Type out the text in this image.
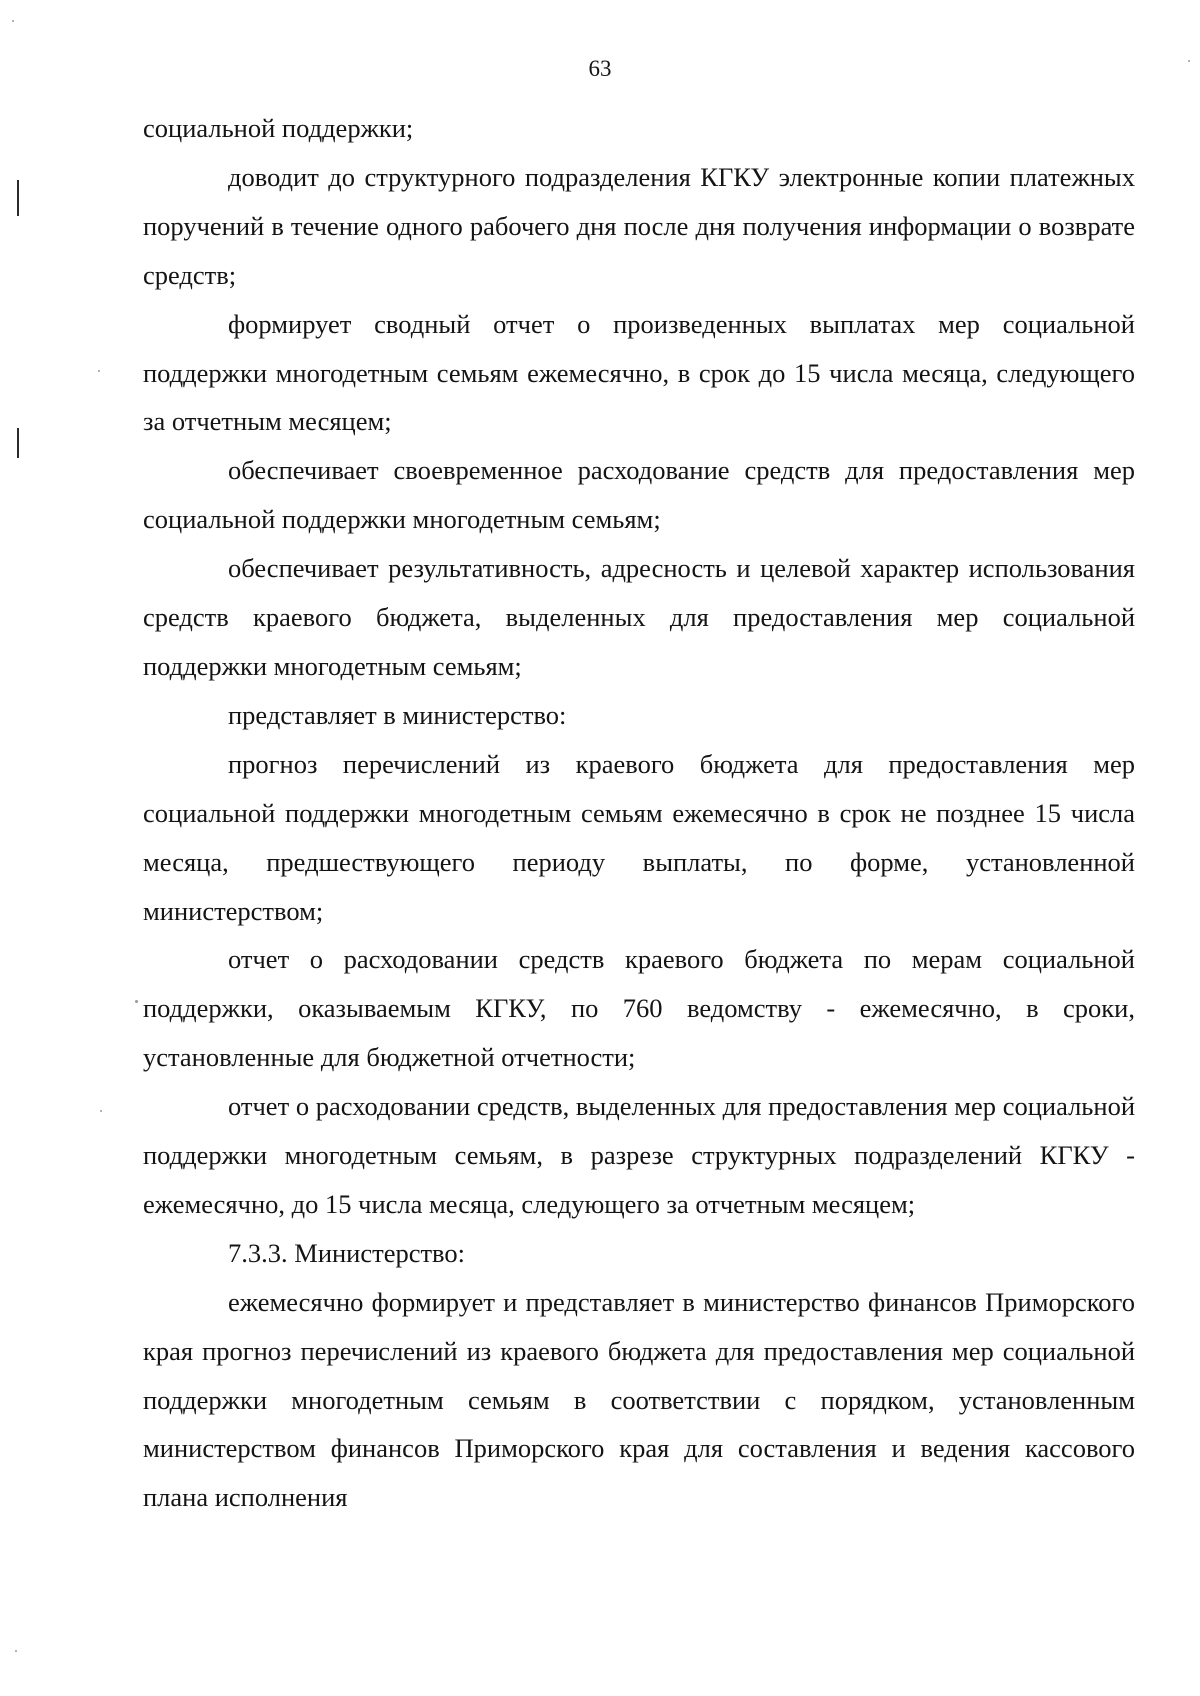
63

социальной поддержки;

доводит до структурного подразделения КГКУ электронные копии платежных поручений в течение одного рабочего дня после дня получения информации о возврате средств;

формирует сводный отчет о произведенных выплатах мер социальной поддержки многодетным семьям ежемесячно, в срок до 15 числа месяца, следующего за отчетным месяцем;

обеспечивает своевременное расходование средств для предоставления мер социальной поддержки многодетным семьям;

обеспечивает результативность, адресность и целевой характер использования средств краевого бюджета, выделенных для предоставления мер социальной поддержки многодетным семьям;

представляет в министерство:

прогноз перечислений из краевого бюджета для предоставления мер социальной поддержки многодетным семьям ежемесячно в срок не позднее 15 числа месяца, предшествующего периоду выплаты, по форме, установленной министерством;

отчет о расходовании средств краевого бюджета по мерам социальной поддержки, оказываемым КГКУ, по 760 ведомству - ежемесячно, в сроки, установленные для бюджетной отчетности;

отчет о расходовании средств, выделенных для предоставления мер социальной поддержки многодетным семьям, в разрезе структурных подразделений КГКУ - ежемесячно, до 15 числа месяца, следующего за отчетным месяцем;

7.3.3. Министерство:

ежемесячно формирует и представляет в министерство финансов Приморского края прогноз перечислений из краевого бюджета для предоставления мер социальной поддержки многодетным семьям в соответствии с порядком, установленным министерством финансов Приморского края для составления и ведения кассового плана исполнения
